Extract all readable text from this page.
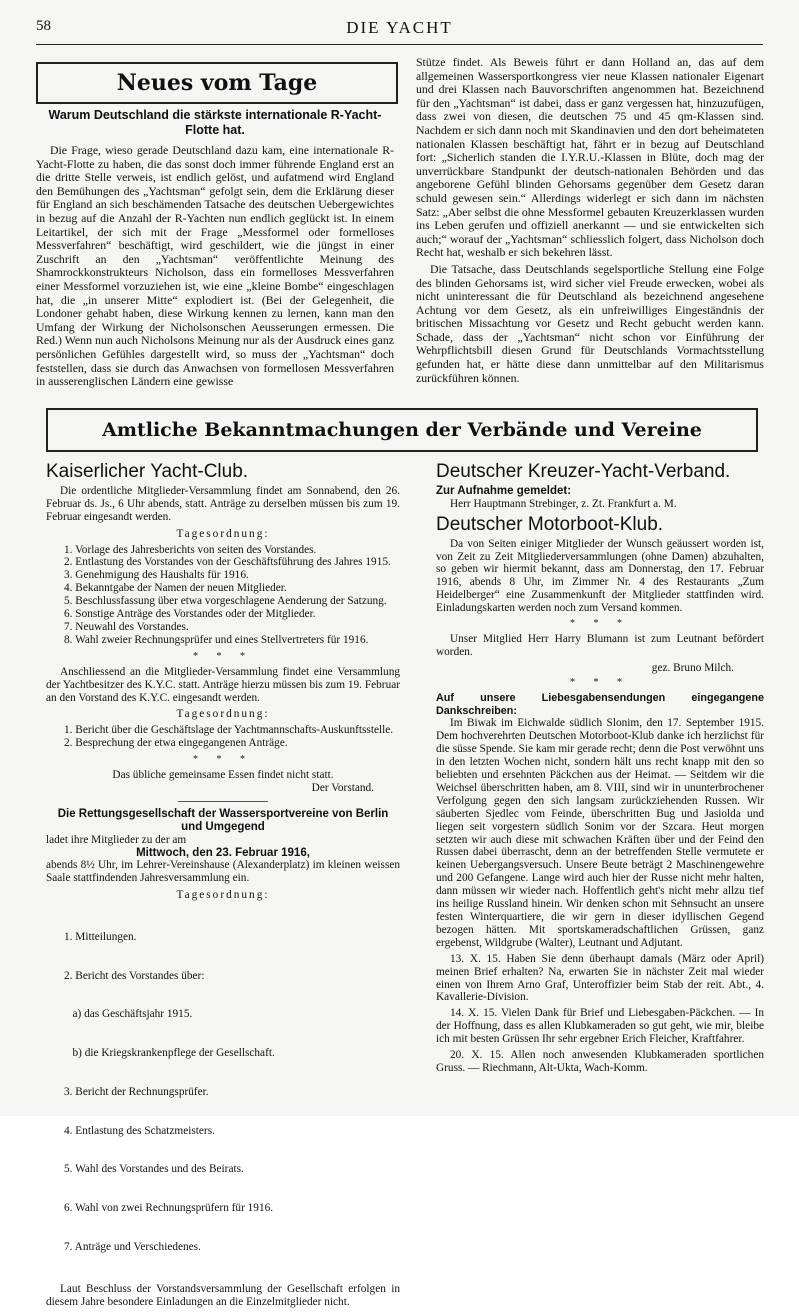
58	DIE YACHT
Neues vom Tage
Warum Deutschland die stärkste internationale R-Yacht-Flotte hat.

Die Frage, wieso gerade Deutschland dazu kam, eine internationale R-Yacht-Flotte zu haben, die das sonst doch immer führende England erst an die dritte Stelle verweis, ist endlich gelöst, und aufatmend wird England den Bemühungen des „Yachtsman“ gefolgt sein, dem die Erklärung dieser für England an sich beschämenden Tatsache des deutschen Uebergewichtes in bezug auf die Anzahl der R-Yachten nun endlich geglückt ist. In einem Leitartikel, der sich mit der Frage „Messformel oder formelloses Messverfahren“ beschäftigt, wird geschildert, wie die jüngst in einer Zuschrift an den „Yachtsman“ veröffentlichte Meinung des Shamrockkonstrukteurs Nicholson, dass ein formelloses Messverfahren einer Messformel vorzuziehen ist, wie eine „kleine Bombe“ eingeschlagen hat, die „in unserer Mitte“ explodiert ist. (Bei der Gelegenheit, die Londoner gehabt haben, diese Wirkung kennen zu lernen, kann man den Umfang der Wirkung der Nicholsonschen Aeusserungen ermessen. Die Red.) Wenn nun auch Nicholsons Meinung nur als der Ausdruck eines ganz persönlichen Gefühles dargestellt wird, so muss der „Yachtsman“ doch feststellen, dass sie durch das Anwachsen von formellosen Messverfahren in ausserenglischen Ländern eine gewisse

Stütze findet. Als Beweis führt er dann Holland an, das auf dem allgemeinen Wassersportkongress vier neue Klassen nationaler Eigenart und drei Klassen nach Bauvorschriften angenommen hat. Bezeichnend für den „Yachtsman“ ist dabei, dass er ganz vergessen hat, hinzuzufügen, dass zwei von diesen, die deutschen 75 und 45 qm-Klassen sind. Nachdem er sich dann noch mit Skandinavien und den dort beheimateten nationalen Klassen beschäftigt hat, fährt er in bezug auf Deutschland fort: „Sicherlich standen die I.Y.R.U.-Klassen in Blüte, doch mag der unverrückbare Standpunkt der deutsch-nationalen Behörden und das angeborene Gefühl blinden Gehorsams gegenüber dem Gesetz daran schuld gewesen sein.“ Allerdings widerlegt er sich dann im nächsten Satz: „Aber selbst die ohne Messformel gebauten Kreuzerklassen wurden ins Leben gerufen und offiziell anerkannt — und sie entwickelten sich auch;“ worauf der „Yachtsman“ schliesslich folgert, dass Nicholson doch Recht hat, weshalb er sich bekehren lässt.

Die Tatsache, dass Deutschlands segelsportliche Stellung eine Folge des blinden Gehorsams ist, wird sicher viel Freude erwecken, wobei als nicht uninteressant die für Deutschland als bezeichnend angesehene Achtung vor dem Gesetz, als ein unfreiwilliges Eingeständnis der britischen Missachtung vor Gesetz und Recht gebucht werden kann. Schade, dass der „Yachtsman“ nicht schon vor Einführung der Wehrpflichtsbill diesen Grund für Deutschlands Vormachtsstellung gefunden hat, er hätte diese dann unmittelbar auf den Militarismus zurückführen können.

Amtliche Bekanntmachungen der Verbände und Vereine
Kaiserlicher Yacht-Club.

Die ordentliche Mitglieder-Versammlung findet am Sonnabend, den 26. Februar ds. Js., 6 Uhr abends, statt. Anträge zu derselben müssen bis zum 19. Februar eingesandt werden.

Tagesordnung:
1. Vorlage des Jahresberichts von seiten des Vorstandes.
2. Entlastung des Vorstandes von der Geschäftsführung des Jahres 1915.
3. Genehmigung des Haushalts für 1916.
4. Bekanntgabe der Namen der neuen Mitglieder.
5. Beschlussfassung über etwa vorgeschlagene Aenderung der Satzung.
6. Sonstige Anträge des Vorstandes oder der Mitglieder.
7. Neuwahl des Vorstandes.
8. Wahl zweier Rechnungsprüfer und eines Stellvertreters für 1916.
* * *

Anschliessend an die Mitglieder-Versammlung findet eine Versammlung der Yachtbesitzer des K.Y.C. statt. Anträge hierzu müssen bis zum 19. Februar an den Vorstand des K.Y.C. eingesandt werden.

Tagesordnung:
1. Bericht über die Geschäftslage der Yachtmannschafts-Auskunftsstelle.
2. Besprechung der etwa eingegangenen Anträge.
* * *
Das übliche gemeinsame Essen findet nicht statt.
Der Vorstand.
Die Rettungsgesellschaft der Wassersportvereine von Berlin und Umgegend
ladet ihre Mitglieder zu der am
Mittwoch, den 23. Februar 1916,

abends 8½ Uhr, im Lehrer-Vereinshause (Alexanderplatz) im kleinen weissen Saale stattfindenden Jahresversammlung ein.

Tagesordnung:

1. Mitteilungen.

2. Bericht des Vorstandes über:

a) das Geschäftsjahr 1915.

b) die Kriegskrankenpflege der Gesellschaft.

3. Bericht der Rechnungsprüfer.

4. Entlastung des Schatzmeisters.

5. Wahl des Vorstandes und des Beirats.

6. Wahl von zwei Rechnungsprüfern für 1916.

7. Anträge und Verschiedenes.

Laut Beschluss der Vorstandsversammlung der Gesellschaft erfolgen in diesem Jahre besondere Einladungen an die Einzelmitglieder nicht.

Deutscher Kreuzer-Yacht-Verband.
Zur Aufnahme gemeldet:
Herr Hauptmann Strebinger, z. Zt. Frankfurt a. M.
Deutscher Motorboot-Klub.

Da von Seiten einiger Mitglieder der Wunsch geäussert worden ist, von Zeit zu Zeit Mitgliederversammlungen (ohne Damen) abzuhalten, so geben wir hiermit bekannt, dass am Donnerstag, den 17. Februar 1916, abends 8 Uhr, im Zimmer Nr. 4 des Restaurants „Zum Heidelberger“ eine Zusammenkunft der Mitglieder stattfinden wird. Einladungskarten werden noch zum Versand kommen.

* * *

Unser Mitglied Herr Harry Blumann ist zum Leutnant befördert worden.

gez. Bruno Milch.
* * *
Auf unsere Liebesgabensendungen eingegangene Dankschreiben:

Im Biwak im Eichwalde südlich Slonim, den 17. September 1915. Dem hochverehrten Deutschen Motorboot-Klub danke ich herzlichst für die süsse Spende. Sie kam mir gerade recht; denn die Post verwöhnt uns in den letzten Wochen nicht, sondern hält uns recht knapp mit den so beliebten und ersehnten Päckchen aus der Heimat. — Seitdem wir die Weichsel überschritten haben, am 8. VIII, sind wir in ununterbrochener Verfolgung gegen den sich langsam zurückziehenden Russen. Wir säuberten Sjedlec vom Feinde, überschritten Bug und Jasiolda und liegen seit vorgestern südlich Sonim vor der Szcara. Heut morgen setzten wir auch diese mit schwachen Kräften über und der Feind den Russen dabei überrascht, denn an der betreffenden Stelle vermutete er keinen Uebergangsversuch. Unsere Beute beträgt 2 Maschinengewehre und 200 Gefangene. Lange wird auch hier der Russe nicht mehr halten, dann müssen wir wieder nach. Hoffentlich geht's nicht mehr allzu tief ins heilige Russland hinein. Wir denken schon mit Sehnsucht an unsere festen Winterquartiere, die wir gern in dieser idyllischen Gegend bezogen hätten. Mit sportskameradschaftlichen Grüssen, ganz ergebenst, Wildgrube (Walter), Leutnant und Adjutant.

13. X. 15. Haben Sie denn überhaupt damals (März oder April) meinen Brief erhalten? Na, erwarten Sie in nächster Zeit mal wieder einen von Ihrem Arno Graf, Unteroffizier beim Stab der reit. Abt., 4. Kavallerie-Division.

14. X. 15. Vielen Dank für Brief und Liebesgaben-Päckchen. — In der Hoffnung, dass es allen Klubkameraden so gut geht, wie mir, bleibe ich mit besten Grüssen Ihr sehr ergebner Erich Fleicher, Kraftfahrer.

20. X. 15. Allen noch anwesenden Klubkameraden sportlichen Gruss. — Riechmann, Alt-Ukta, Wach-Komm.
